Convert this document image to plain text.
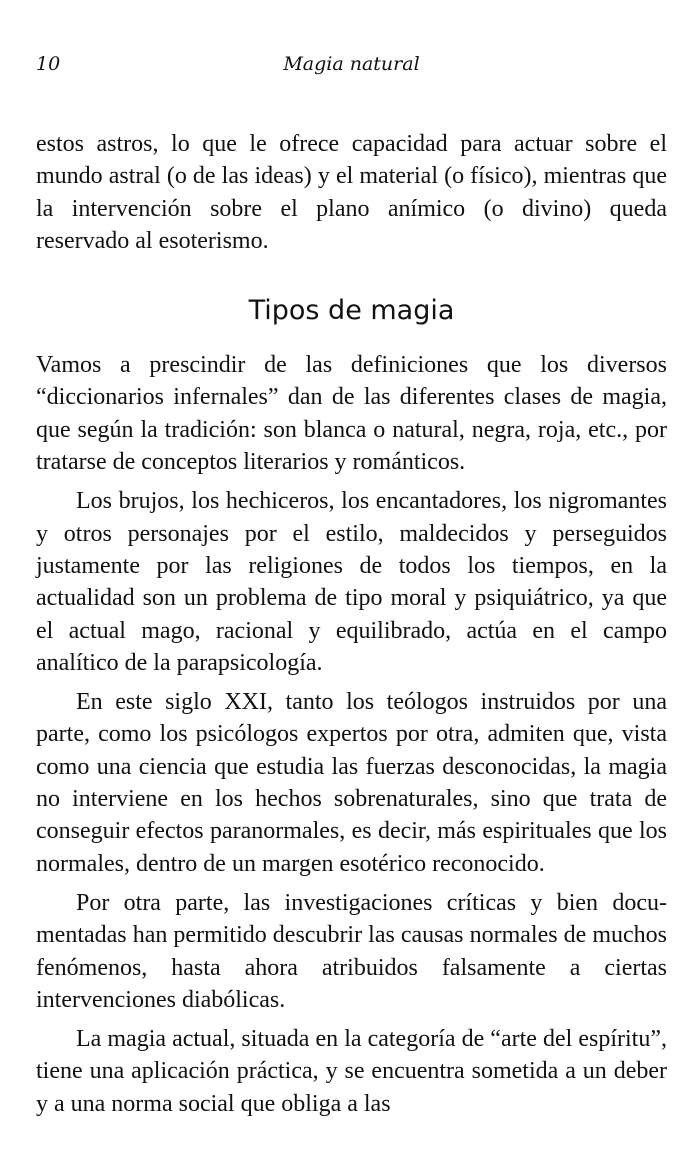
10	Magia natural

estos astros, lo que le ofrece capacidad para actuar sobre el mundo astral (o de las ideas) y el material (o físico), mientras que la intervención sobre el plano anímico (o divino) queda reservado al esoterismo.

Tipos de magia

Vamos a prescindir de las definiciones que los diversos “diccionarios infernales” dan de las diferentes clases de magia, que según la tradición: son blanca o natural, negra, roja, etc., por tratarse de conceptos literarios y románticos.

Los brujos, los hechiceros, los encantadores, los nigromantes y otros personajes por el estilo, maldecidos y perseguidos justamente por las religiones de todos los tiempos, en la actualidad son un problema de tipo moral y psiquiátrico, ya que el actual mago, racional y equilibrado, actúa en el campo analítico de la parapsicología.

En este siglo XXI, tanto los teólogos instruidos por una parte, como los psicólogos expertos por otra, admiten que, vista como una ciencia que estudia las fuerzas desconocidas, la magia no interviene en los hechos sobrenaturales, sino que trata de conseguir efectos paranormales, es decir, más espirituales que los normales, dentro de un margen esotérico reconocido.

Por otra parte, las investigaciones críticas y bien documentadas han permitido descubrir las causas normales de muchos fenómenos, hasta ahora atribuidos falsamente a ciertas intervenciones diabólicas.

La magia actual, situada en la categoría de “arte del espíritu”, tiene una aplicación práctica, y se encuentra sometida a un deber y a una norma social que obliga a las
